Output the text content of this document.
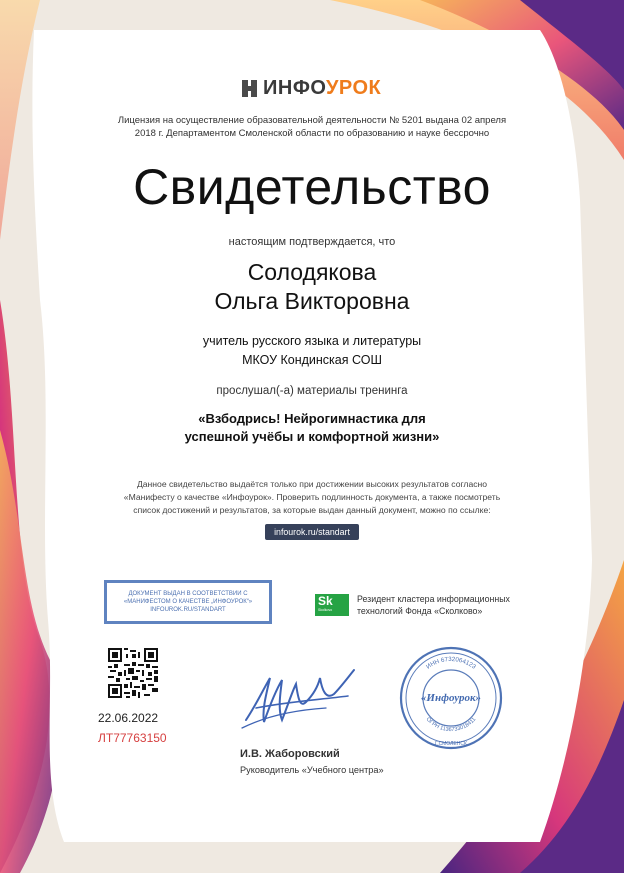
ИНФОУРОК
Лицензия на осуществление образовательной деятельности № 5201 выдана 02 апреля
2018 г. Департаментом Смоленской области по образованию и науке бессрочно
Свидетельство
настоящим подтверждается, что
Солодякова
Ольга Викторовна
учитель русского языка и литературы
МКОУ Кондинская СОШ
прослушал(-а) материалы тренинга
«Взбодрись! Нейрогимнастика для
успешной учёбы и комфортной жизни»
Данное свидетельство выдаётся только при достижении высоких результатов согласно
«Манифесту о качестве «Инфоурок». Проверить подлинность документа, а также посмотреть
список достижений и результатов, за которые выдан данный документ, можно по ссылке:
infourok.ru/standart
ДОКУМЕНТ ВЫДАН В СООТВЕТСТВИИ С
«МАНИФЕСТОМ О КАЧЕСТВЕ „ИНФОУРОК“»
INFOUROK.RU/STANDART
Sk
Skolkovo
Резидент кластера информационных
технологий Фонда «Сколково»
22.06.2022
ЛТ77763150
И.В. Жаборовский
Руководитель «Учебного центра»
ИНН 6732064123
ОГРН 1136733018411
«Инфоурок»
Г.СМОЛЕНСК
